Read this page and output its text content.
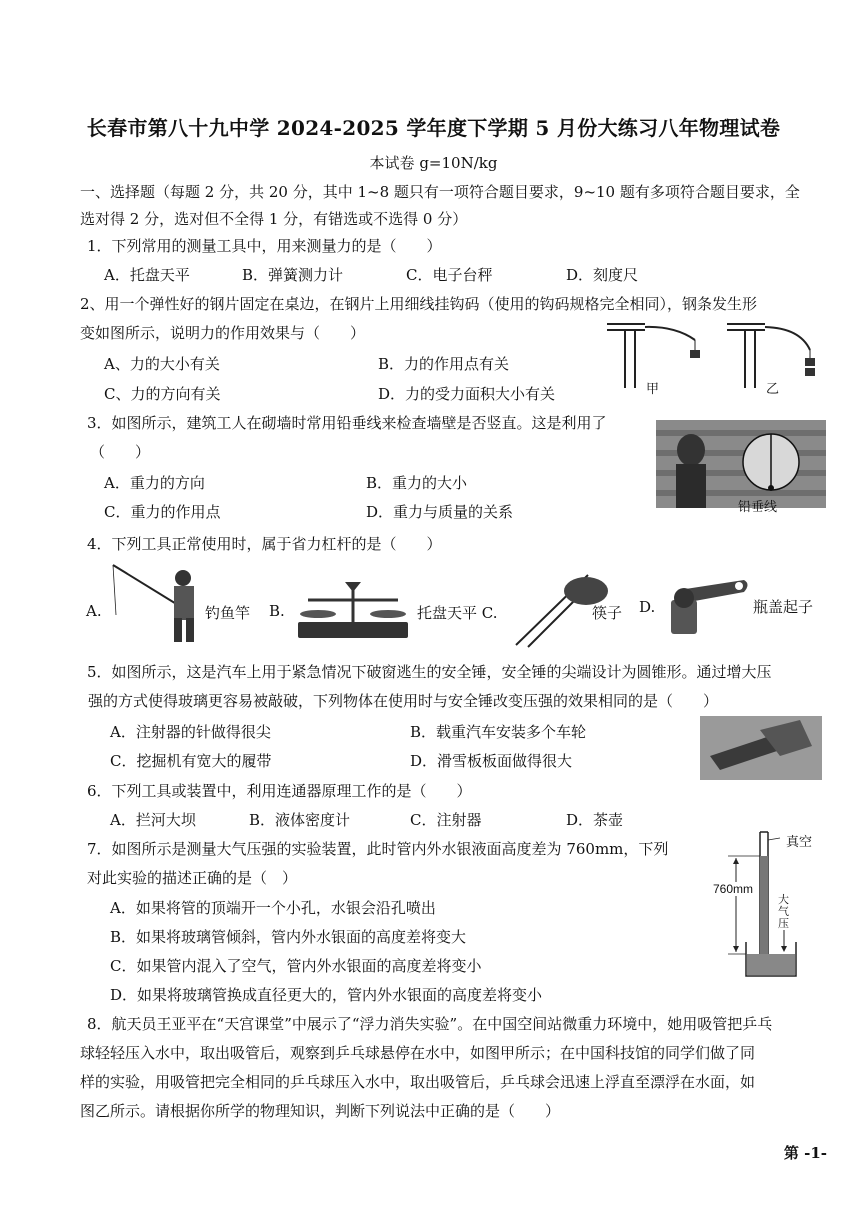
长春市第八十九中学 2024-2025 学年度下学期 5 月份大练习八年物理试卷
本试卷 g=10N/kg
一、选择题（每题 2 分，共 20 分，其中 1~8 题只有一项符合题目要求，9~10 题有多项符合题目要求，全
选对得 2 分，选对但不全得 1 分，有错选或不选得 0 分）
1．下列常用的测量工具中，用来测量力的是（　　）
A．托盘天平	B．弹簧测力计	C．电子台秤	D．刻度尺
2、用一个弹性好的钢片固定在桌边，在钢片上用细线挂钩码（使用的钩码规格完全相同），钢条发生形
变如图所示，说明力的作用效果与（　　）
A、力的大小有关	B．力的作用点有关
C、力的方向有关	D．力的受力面积大小有关	甲	乙
3．如图所示，建筑工人在砌墙时常用铅垂线来检查墙壁是否竖直。这是利用了
（　　）
A．重力的方向	B．重力的大小
C．重力的作用点	D．重力与质量的关系	铅垂线
4．下列工具正常使用时，属于省力杠杆的是（　　）
A.	钓鱼竿 B.	托盘天平 C.	筷子 D.	瓶盖起子
5．如图所示，这是汽车上用于紧急情况下破窗逃生的安全锤，安全锤的尖端设计为圆锥形。通过增大压
强的方式使得玻璃更容易被敲破，下列物体在使用时与安全锤改变压强的效果相同的是（　　）
A．注射器的针做得很尖	B．载重汽车安装多个车轮
C．挖掘机有宽大的履带	D．滑雪板板面做得很大
6．下列工具或装置中，利用连通器原理工作的是（　　）
A．拦河大坝	B．液体密度计	C．注射器	D．茶壶
7．如图所示是测量大气压强的实验装置，此时管内外水银液面高度差为 760mm，下列
对此实验的描述正确的是（　）
A．如果将管的顶端开一个小孔，水银会沿孔喷出
B．如果将玻璃管倾斜，管内外水银面的高度差将变大
C．如果管内混入了空气，管内外水银面的高度差将变小
D．如果将玻璃管换成直径更大的，管内外水银面的高度差将变小
真空
760mm
大
气
压
8．航天员王亚平在“天宫课堂”中展示了“浮力消失实验”。在中国空间站微重力环境中，她用吸管把乒乓
球轻轻压入水中，取出吸管后，观察到乒乓球悬停在水中，如图甲所示；在中国科技馆的同学们做了同
样的实验，用吸管把完全相同的乒乓球压入水中，取出吸管后，乒乓球会迅速上浮直至漂浮在水面，如
图乙所示。请根据你所学的物理知识，判断下列说法中正确的是（　　）
第 -1-
